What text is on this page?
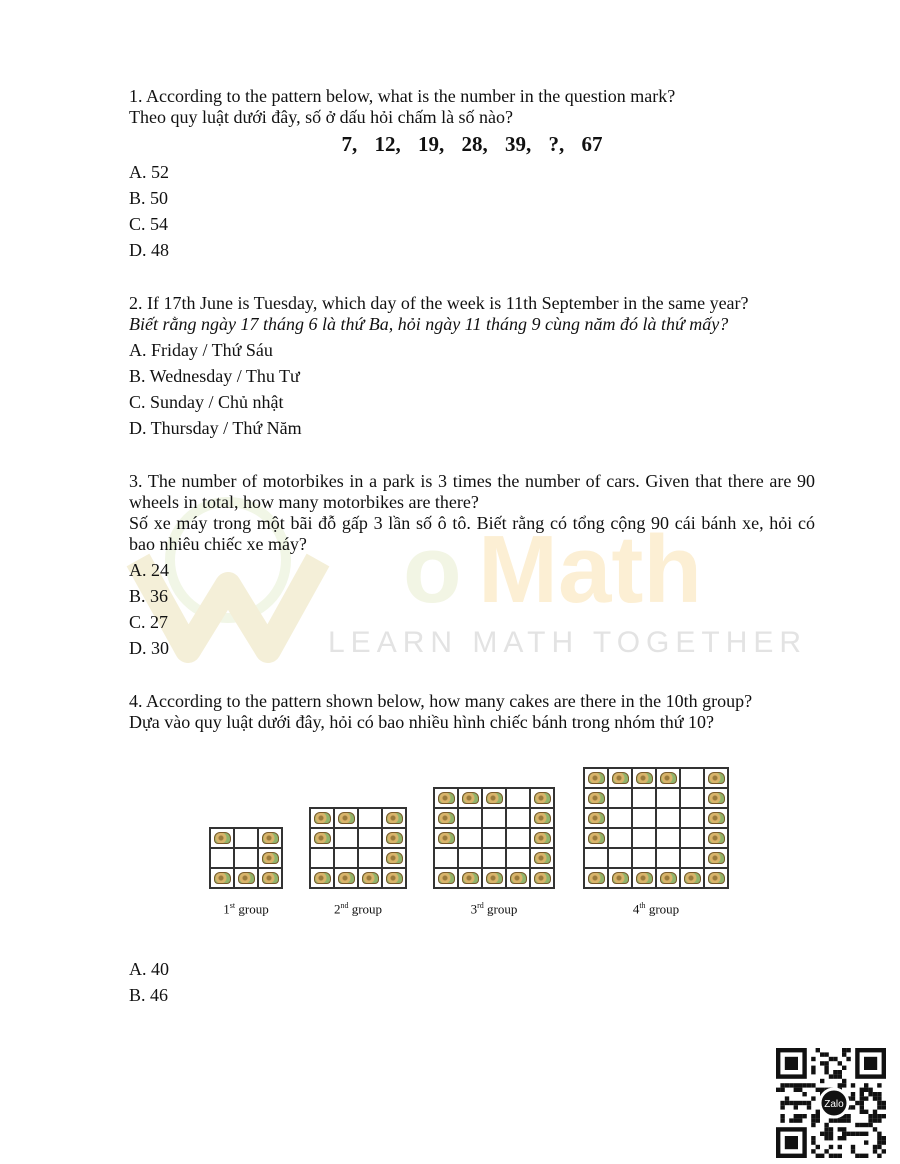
o Math
LEARN MATH TOGETHER

1. According to the pattern below, what is the number in the question mark?

Theo quy luật dưới đây, số ở dấu hỏi chấm là số nào?

7, 12, 19, 28, 39, ?, 67

A. 52
B. 50
C. 54
D. 48

2. If 17th June is Tuesday, which day of the week is 11th September in the same year?

Biết rằng ngày 17 tháng 6 là thứ Ba, hỏi ngày 11 tháng 9 cùng năm đó là thứ mấy?

A. Friday / Thứ Sáu
B. Wednesday / Thu Tư
C. Sunday / Chủ nhật
D. Thursday / Thứ Năm

3. The number of motorbikes in a park is 3 times the number of cars. Given that there are 90 wheels in total, how many motorbikes are there?

Số xe máy trong một bãi đỗ gấp 3 lần số ô tô. Biết rằng có tổng cộng 90 cái bánh xe, hỏi có bao nhiêu chiếc xe máy?

A. 24
B. 36
C. 27
D. 30

4. According to the pattern shown below, how many cakes are there in the 10th group?

Dựa vào quy luật dưới đây, hỏi có bao nhiều hình chiếc bánh trong nhóm thứ 10?

1st group	2nd group	3rd group	4th group
A. 40
B. 46
Zalo
